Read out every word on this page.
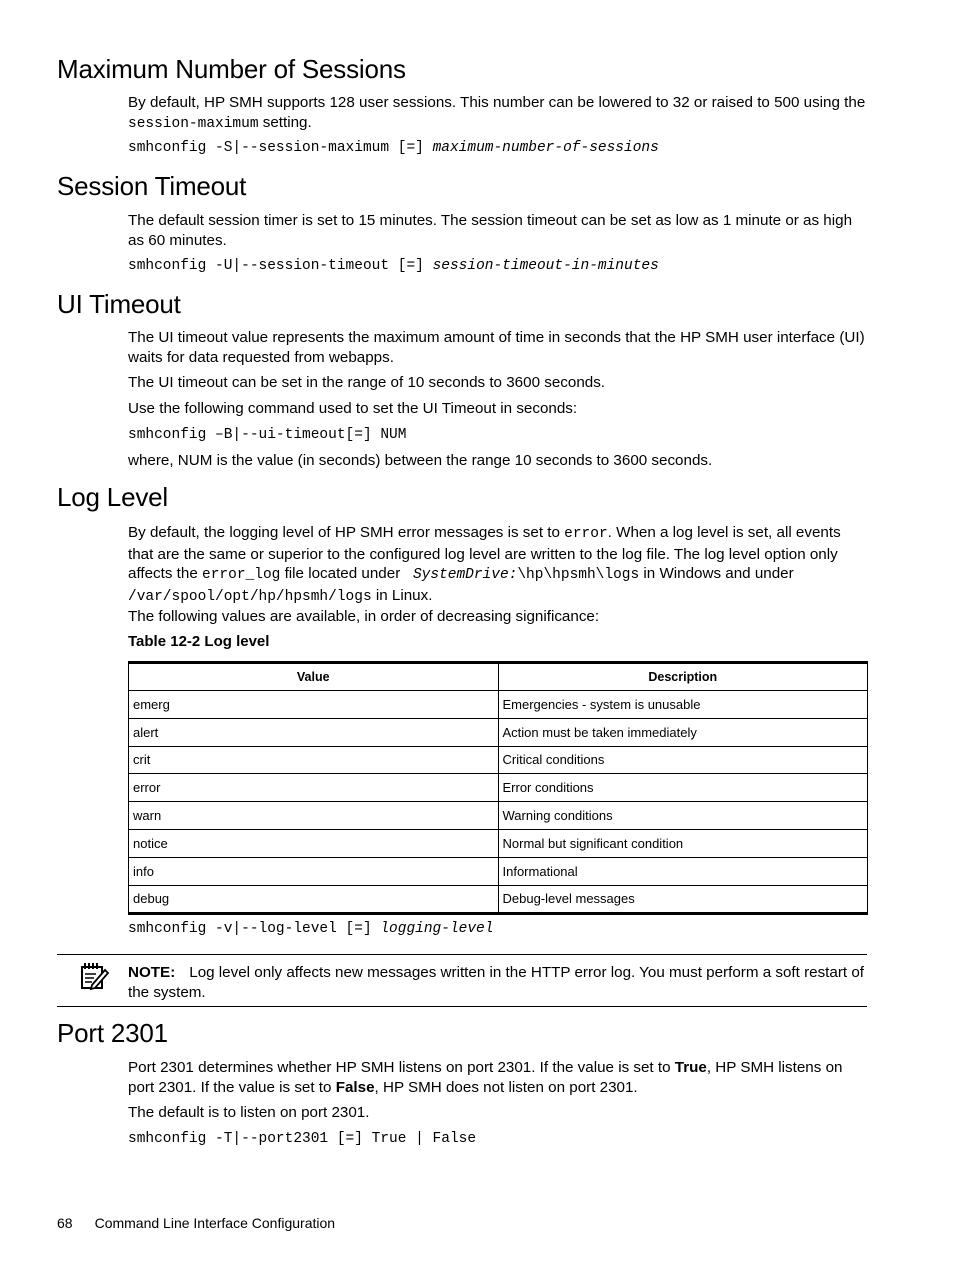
Maximum Number of Sessions

By default, HP SMH supports 128 user sessions. This number can be lowered to 32 or raised to 500 using the session-maximum setting.

smhconfig -S|--session-maximum [=] maximum-number-of-sessions

Session Timeout

The default session timer is set to 15 minutes. The session timeout can be set as low as 1 minute or as high as 60 minutes.

smhconfig -U|--session-timeout [=] session-timeout-in-minutes

UI Timeout

The UI timeout value represents the maximum amount of time in seconds that the HP SMH user interface (UI) waits for data requested from webapps.

The UI timeout can be set in the range of 10 seconds to 3600 seconds.

Use the following command used to set the UI Timeout in seconds:

smhconfig –B|--ui-timeout[=] NUM

where, NUM is the value (in seconds) between the range 10 seconds to 3600 seconds.

Log Level

By default, the logging level of HP SMH error messages is set to error. When a log level is set, all events that are the same or superior to the configured log level are written to the log file. The log level option only affects the error_log file located under   SystemDrive:\hp\hpsmh\logs in Windows and under /var/spool/opt/hp/hpsmh/logs in Linux.

The following values are available, in order of decreasing significance:

Table 12-2 Log level

Value	Description
emerg	Emergencies - system is unusable
alert	Action must be taken immediately
crit	Critical conditions
error	Error conditions
warn	Warning conditions
notice	Normal but significant condition
info	Informational
debug	Debug-level messages

smhconfig -v|--log-level [=] logging-level

NOTE: Log level only affects new messages written in the HTTP error log. You must perform a soft restart of the system.
Port 2301

Port 2301 determines whether HP SMH listens on port 2301. If the value is set to True, HP SMH listens on port 2301. If the value is set to False, HP SMH does not listen on port 2301.

The default is to listen on port 2301.

smhconfig -T|--port2301 [=] True | False

68 Command Line Interface Configuration
